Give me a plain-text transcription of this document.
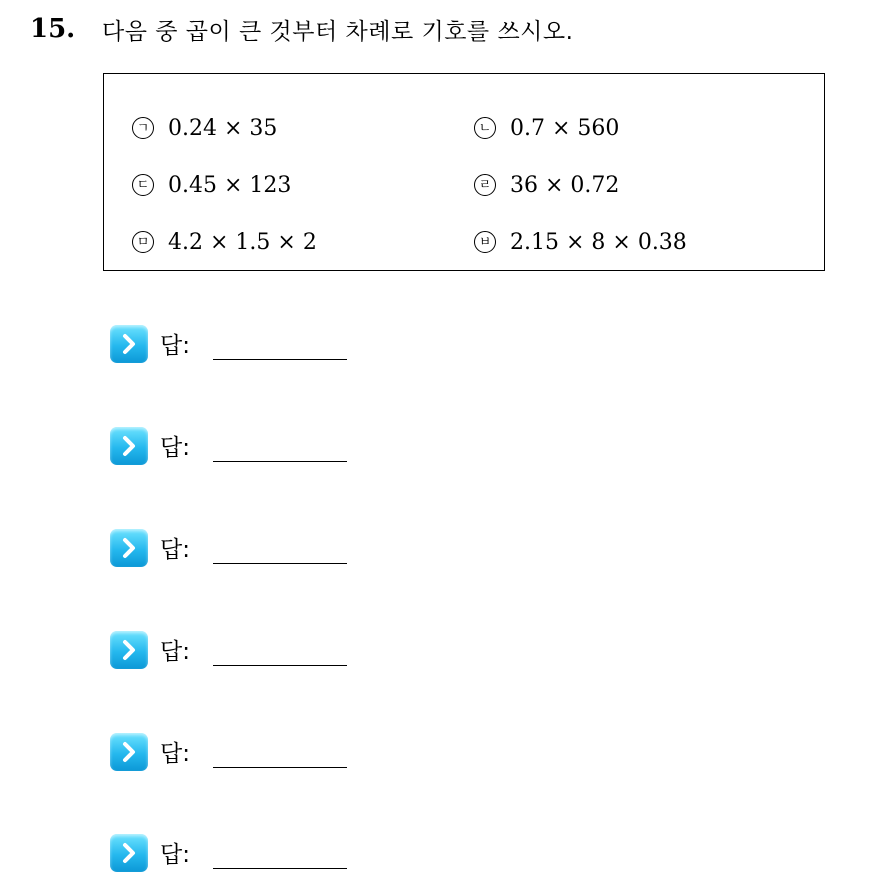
15.	다음 중 곱이 큰 것부터 차례로 기호를 쓰시오.
ㄱ 0.24 × 35	ㄴ 0.7 × 560
ㄷ 0.45 × 123	ㄹ 36 × 0.72
ㅁ 4.2 × 1.5 × 2	ㅂ 2.15 × 8 × 0.38
답:
답:
답:
답:
답:
답:
